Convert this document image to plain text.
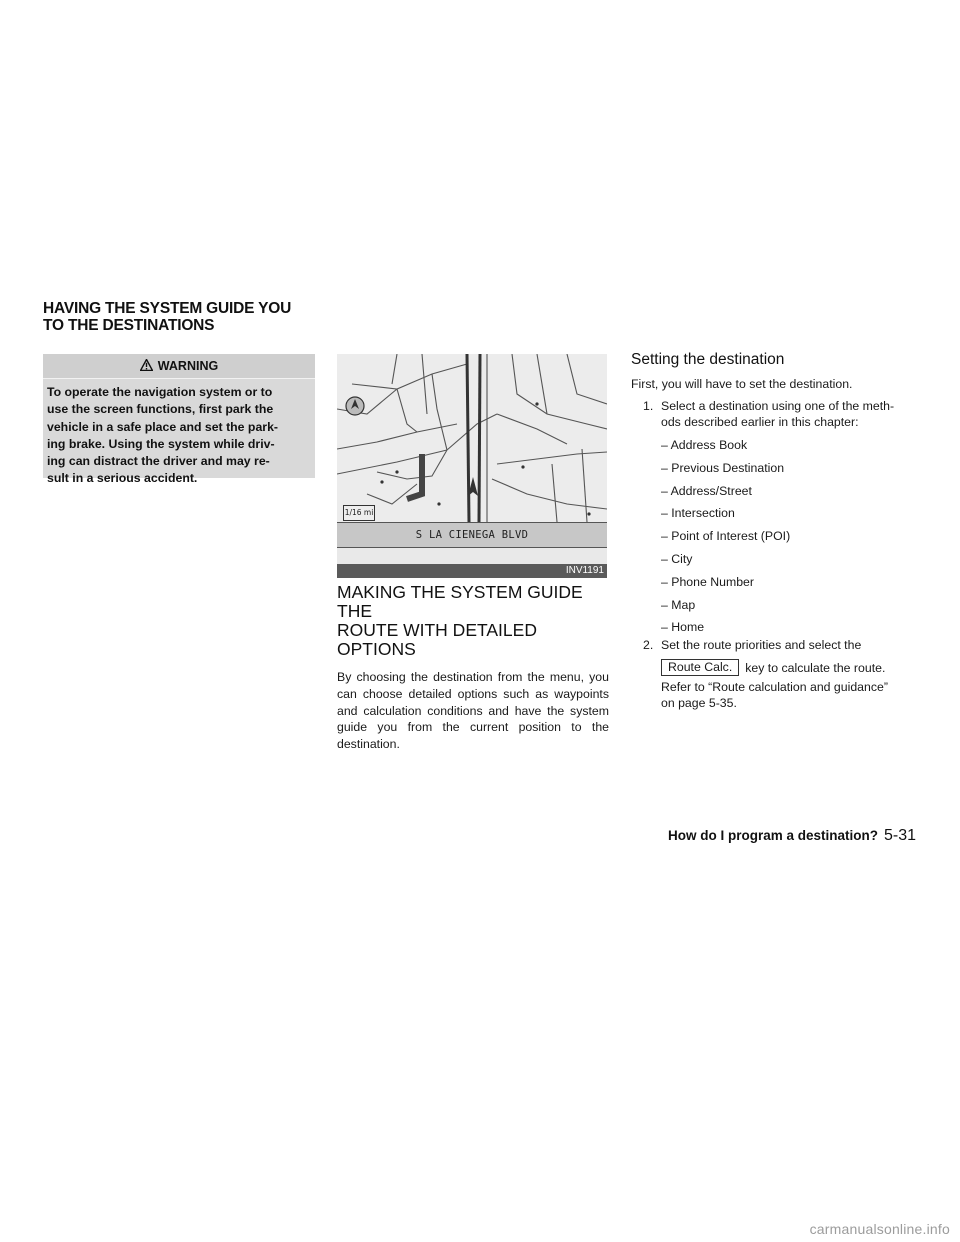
HAVING THE SYSTEM GUIDE YOU
TO THE DESTINATIONS
WARNING
To operate the navigation system or to
use the screen functions, first park the
vehicle in a safe place and set the park-
ing brake. Using the system while driv-
ing can distract the driver and may re-
sult in a serious accident.
1/16 mi
S LA CIENEGA BLVD
INV1191
MAKING THE SYSTEM GUIDE THE
ROUTE WITH DETAILED OPTIONS

By choosing the destination from the menu, you can choose detailed options such as waypoints and calculation conditions and have the system guide you from the current position to the destination.

Setting the destination

First, you will have to set the destination.

1. Select a destination using one of the meth-
ods described earlier in this chapter:
– Address Book
– Previous Destination
– Address/Street
– Intersection
– Point of Interest (POI)
– City
– Phone Number
– Map
– Home
2. Set the route priorities and select the
Route Calc.	key to calculate the route.
Refer to “Route calculation and guidance”
on page 5-35.
How do I program a destination? 5-31
carmanualsonline.info
